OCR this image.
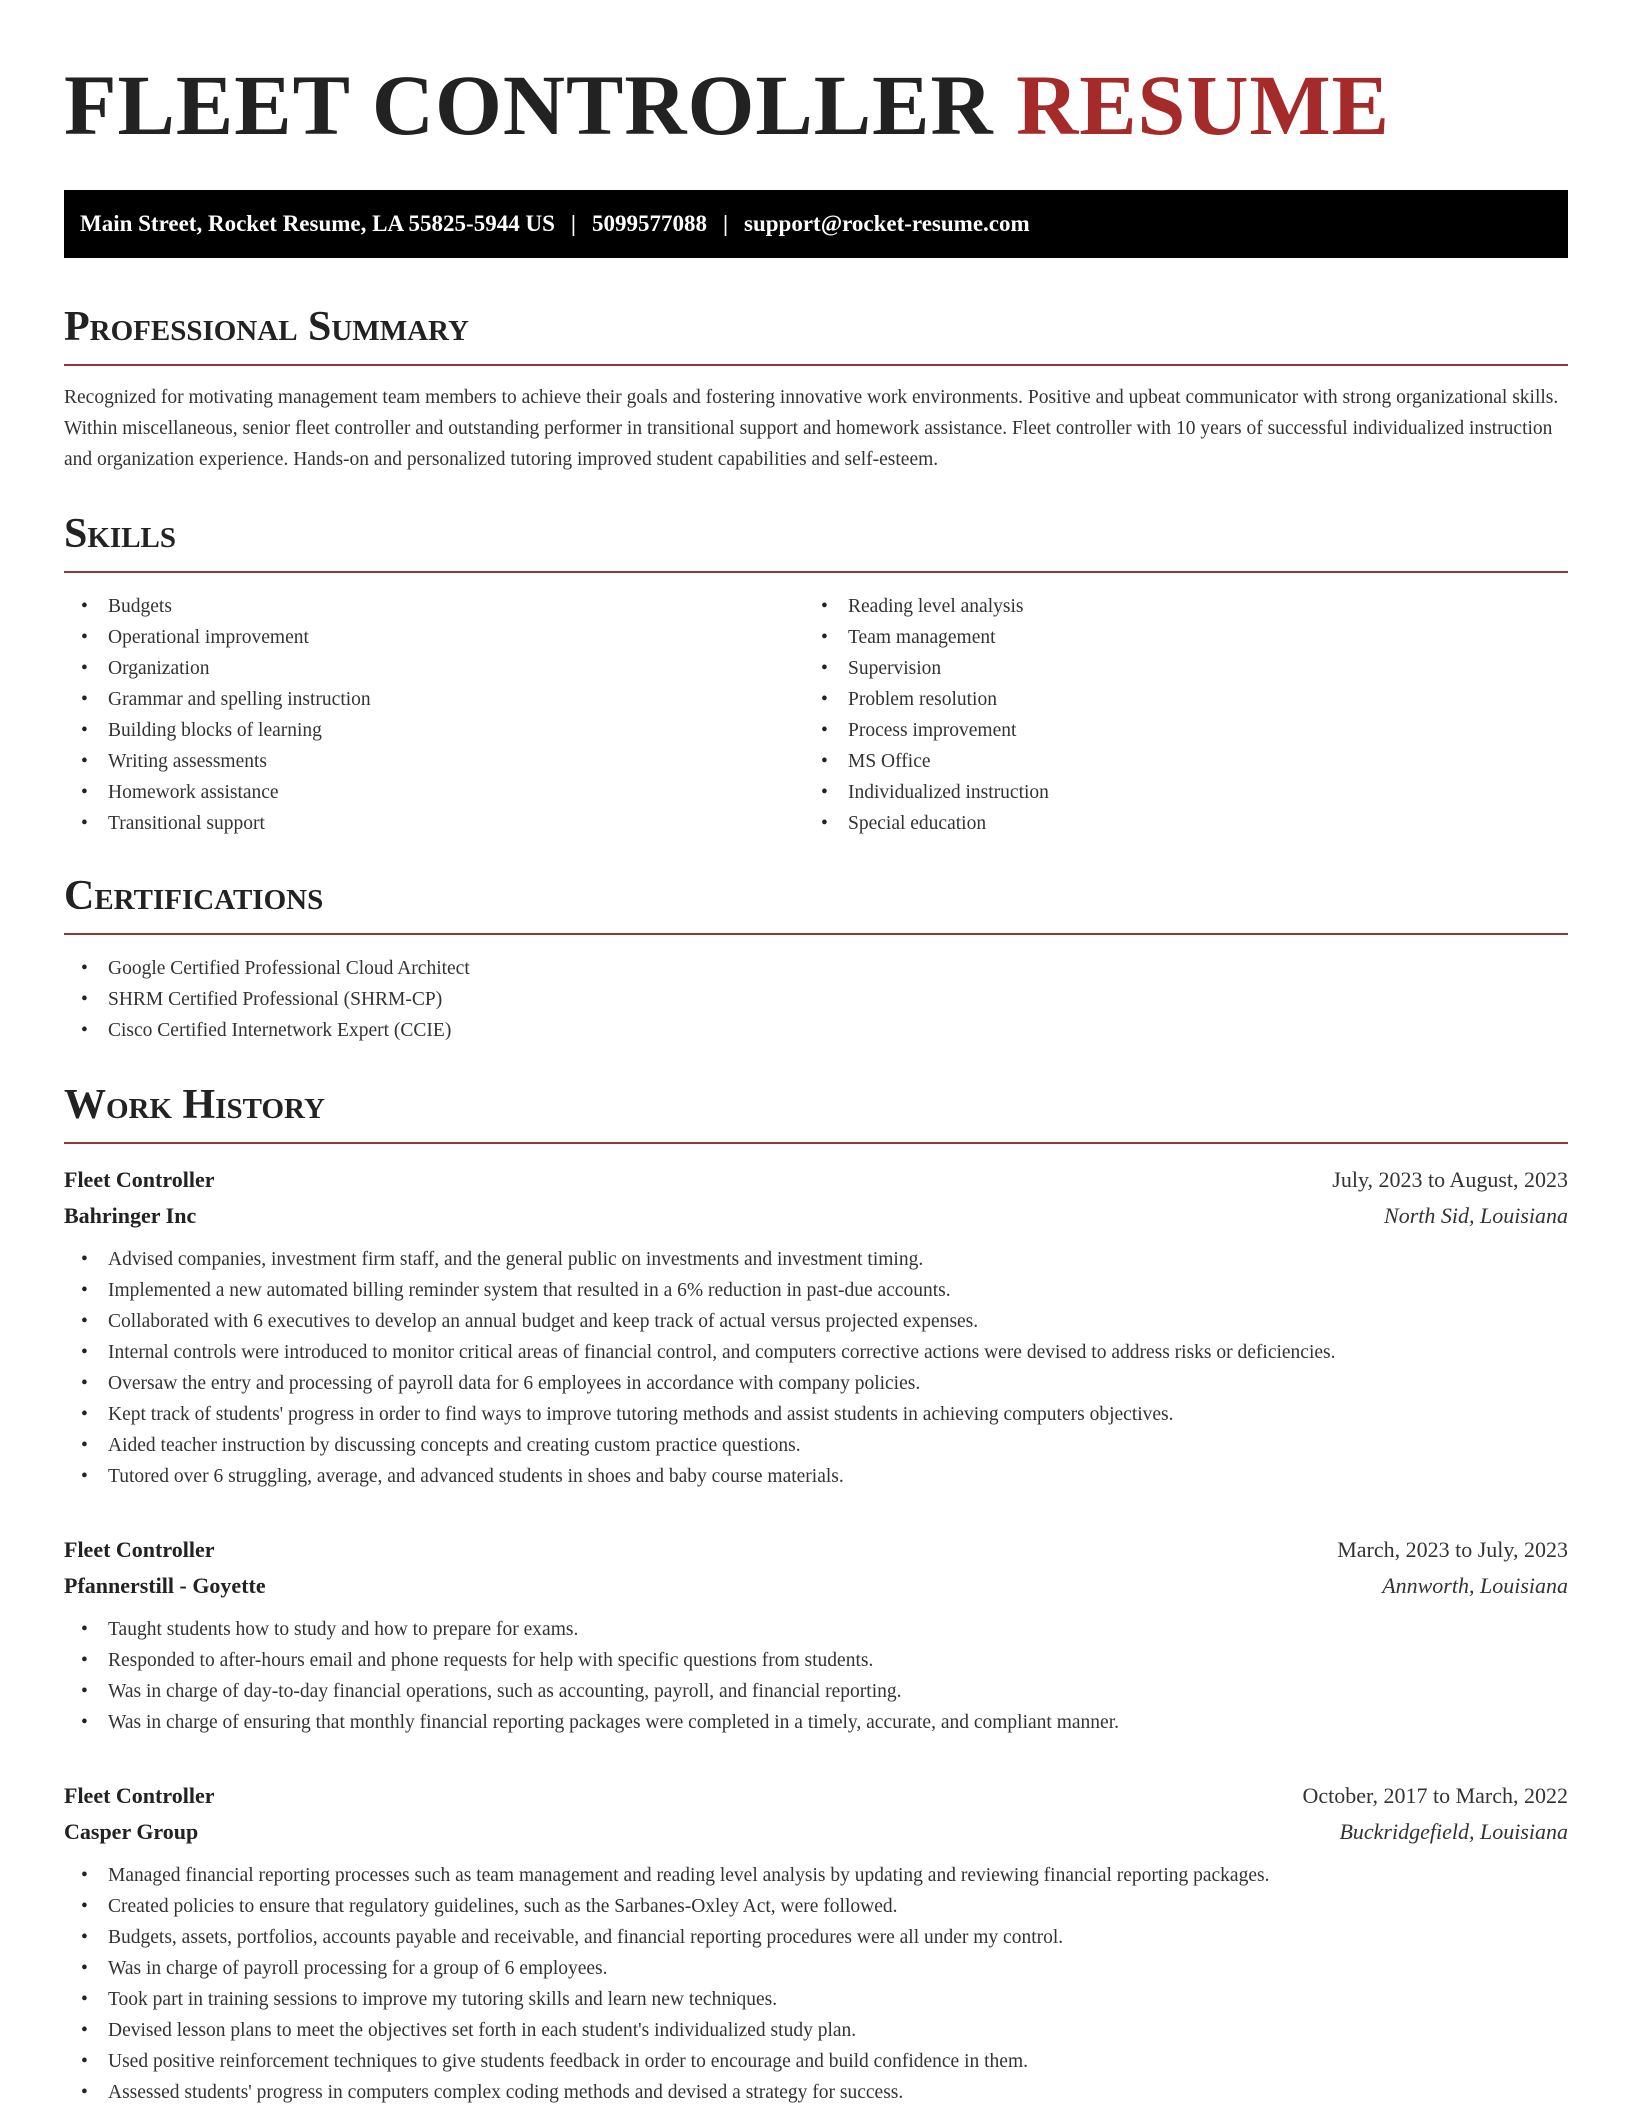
FLEET CONTROLLER RESUME
Main Street, Rocket Resume, LA 55825-5944 US | 5099577088 | support@rocket-resume.com
Professional Summary

Recognized for motivating management team members to achieve their goals and fostering innovative work environments. Positive and upbeat communicator with strong organizational skills. Within miscellaneous, senior fleet controller and outstanding performer in transitional support and homework assistance. Fleet controller with 10 years of successful individualized instruction and organization experience. Hands-on and personalized tutoring improved student capabilities and self-esteem.

Skills
• Budgets
• Operational improvement
• Organization
• Grammar and spelling instruction
• Building blocks of learning
• Writing assessments
• Homework assistance
• Transitional support
• Reading level analysis
• Team management
• Supervision
• Problem resolution
• Process improvement
• MS Office
• Individualized instruction
• Special education
Certifications
• Google Certified Professional Cloud Architect
• SHRM Certified Professional (SHRM-CP)
• Cisco Certified Internetwork Expert (CCIE)
Work History
Fleet Controller	July, 2023 to August, 2023
Bahringer Inc	North Sid, Louisiana
• Advised companies, investment firm staff, and the general public on investments and investment timing.
• Implemented a new automated billing reminder system that resulted in a 6% reduction in past-due accounts.
• Collaborated with 6 executives to develop an annual budget and keep track of actual versus projected expenses.
• Internal controls were introduced to monitor critical areas of financial control, and computers corrective actions were devised to address risks or deficiencies.
• Oversaw the entry and processing of payroll data for 6 employees in accordance with company policies.
• Kept track of students' progress in order to find ways to improve tutoring methods and assist students in achieving computers objectives.
• Aided teacher instruction by discussing concepts and creating custom practice questions.
• Tutored over 6 struggling, average, and advanced students in shoes and baby course materials.
Fleet Controller	March, 2023 to July, 2023
Pfannerstill - Goyette	Annworth, Louisiana
• Taught students how to study and how to prepare for exams.
• Responded to after-hours email and phone requests for help with specific questions from students.
• Was in charge of day-to-day financial operations, such as accounting, payroll, and financial reporting.
• Was in charge of ensuring that monthly financial reporting packages were completed in a timely, accurate, and compliant manner.
Fleet Controller	October, 2017 to March, 2022
Casper Group	Buckridgefield, Louisiana
• Managed financial reporting processes such as team management and reading level analysis by updating and reviewing financial reporting packages.
• Created policies to ensure that regulatory guidelines, such as the Sarbanes-Oxley Act, were followed.
• Budgets, assets, portfolios, accounts payable and receivable, and financial reporting procedures were all under my control.
• Was in charge of payroll processing for a group of 6 employees.
• Took part in training sessions to improve my tutoring skills and learn new techniques.
• Devised lesson plans to meet the objectives set forth in each student's individualized study plan.
• Used positive reinforcement techniques to give students feedback in order to encourage and build confidence in them.
• Assessed students' progress in computers complex coding methods and devised a strategy for success.
